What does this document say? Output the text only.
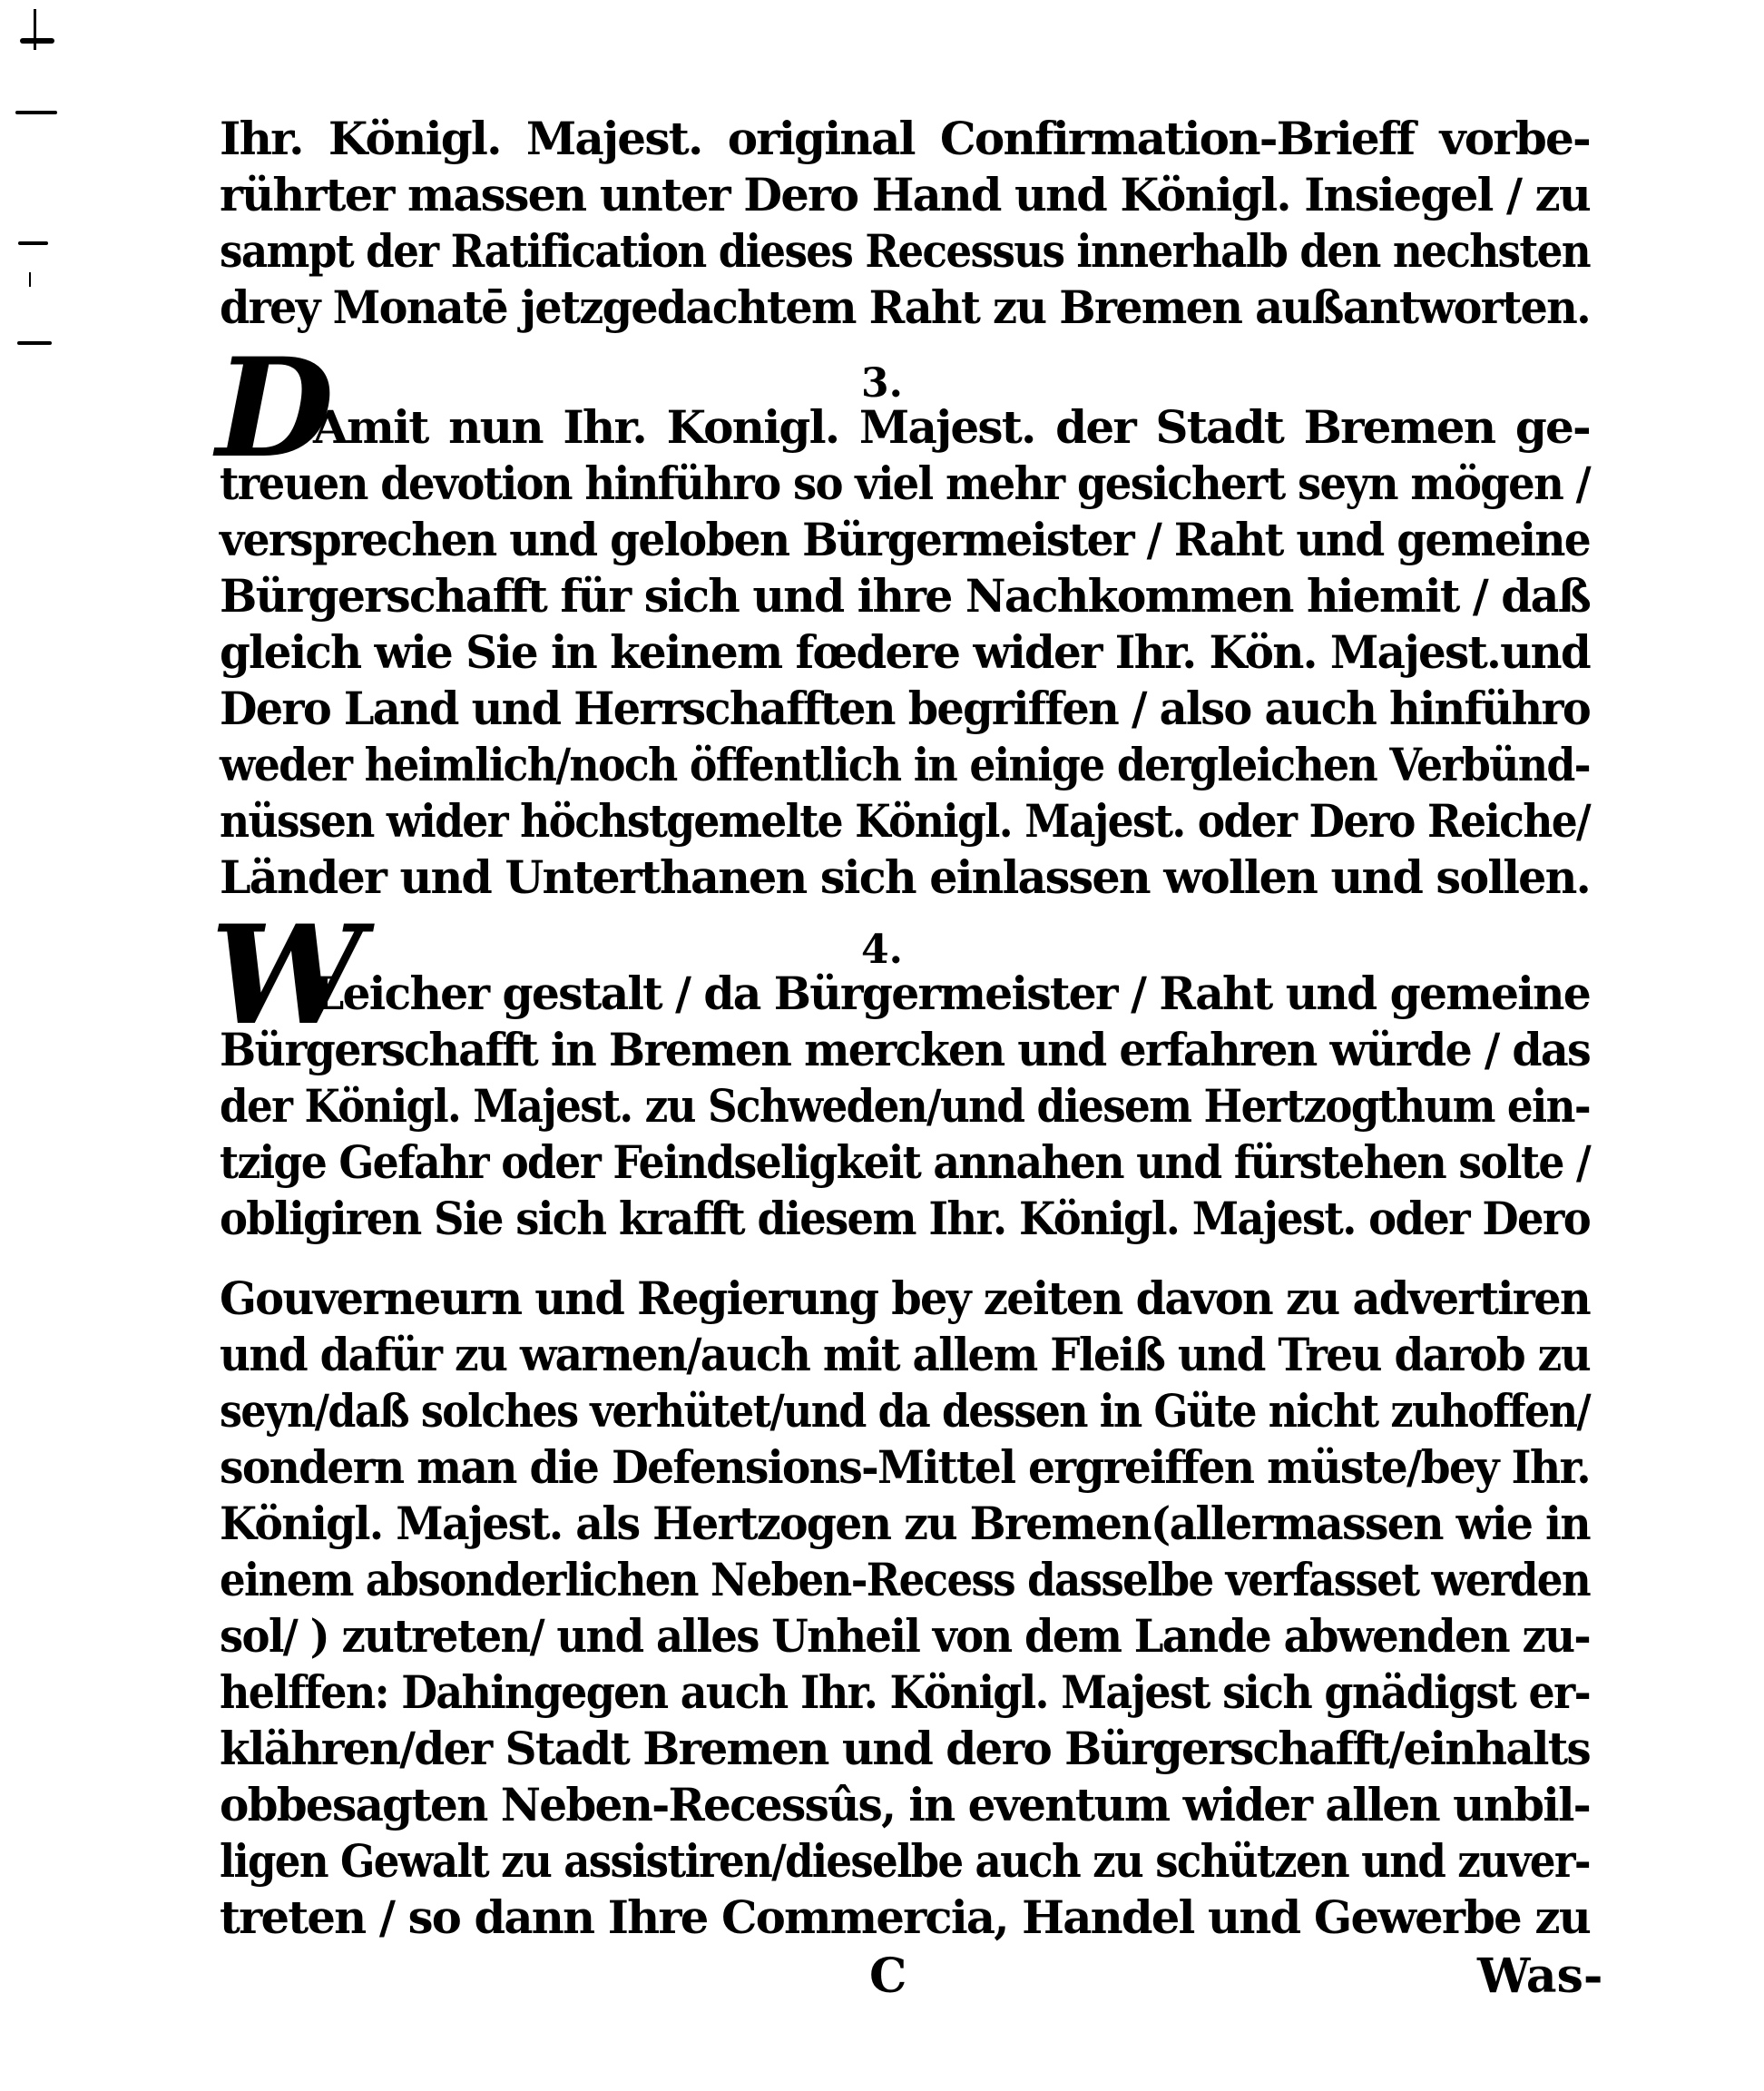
Ihr. Königl. Majest. original Confirmation-Brieff vorbe-
rührter massen unter Dero Hand und Königl. Insiegel / zu
sampt der Ratification dieses Recessus innerhalb den nechsten
drey Monatē jetzgedachtem Raht zu Bremen außantworten.
3.
D
Amit nun Ihr. Konigl. Majest. der Stadt Bremen ge-
treuen devotion hinführo so viel mehr gesichert seyn mögen /
versprechen und geloben Bürgermeister / Raht und gemeine
Bürgerschafft für sich und ihre Nachkommen hiemit / daß
gleich wie Sie in keinem fœdere wider Ihr. Kön. Majest.und
Dero Land und Herrschafften begriffen / also auch hinführo
weder heimlich/noch öffentlich in einige dergleichen Verbünd-
nüssen wider höchstgemelte Königl. Majest. oder Dero Reiche/
Länder und Unterthanen sich einlassen wollen und sollen.
4.
W
Leicher gestalt / da Bürgermeister / Raht und gemeine
Bürgerschafft in Bremen mercken und erfahren würde / das
der Königl. Majest. zu Schweden/und diesem Hertzogthum ein-
tzige Gefahr oder Feindseligkeit annahen und fürstehen solte /
obligiren Sie sich krafft diesem Ihr. Königl. Majest. oder Dero
Gouverneurn und Regierung bey zeiten davon zu advertiren
und dafür zu warnen/auch mit allem Fleiß und Treu darob zu
seyn/daß solches verhütet/und da dessen in Güte nicht zuhoffen/
sondern man die Defensions-Mittel ergreiffen müste/bey Ihr.
Königl. Majest. als Hertzogen zu Bremen(allermassen wie in
einem absonderlichen Neben-Recess dasselbe verfasset werden
sol/ ) zutreten/ und alles Unheil von dem Lande abwenden zu-
helffen: Dahingegen auch Ihr. Königl. Majest sich gnädigst er-
klähren/der Stadt Bremen und dero Bürgerschafft/einhalts
obbesagten Neben-Recessûs, in eventum wider allen unbil-
ligen Gewalt zu assistiren/dieselbe auch zu schützen und zuver-
treten / so dann Ihre Commercia, Handel und Gewerbe zu
C	Was-
